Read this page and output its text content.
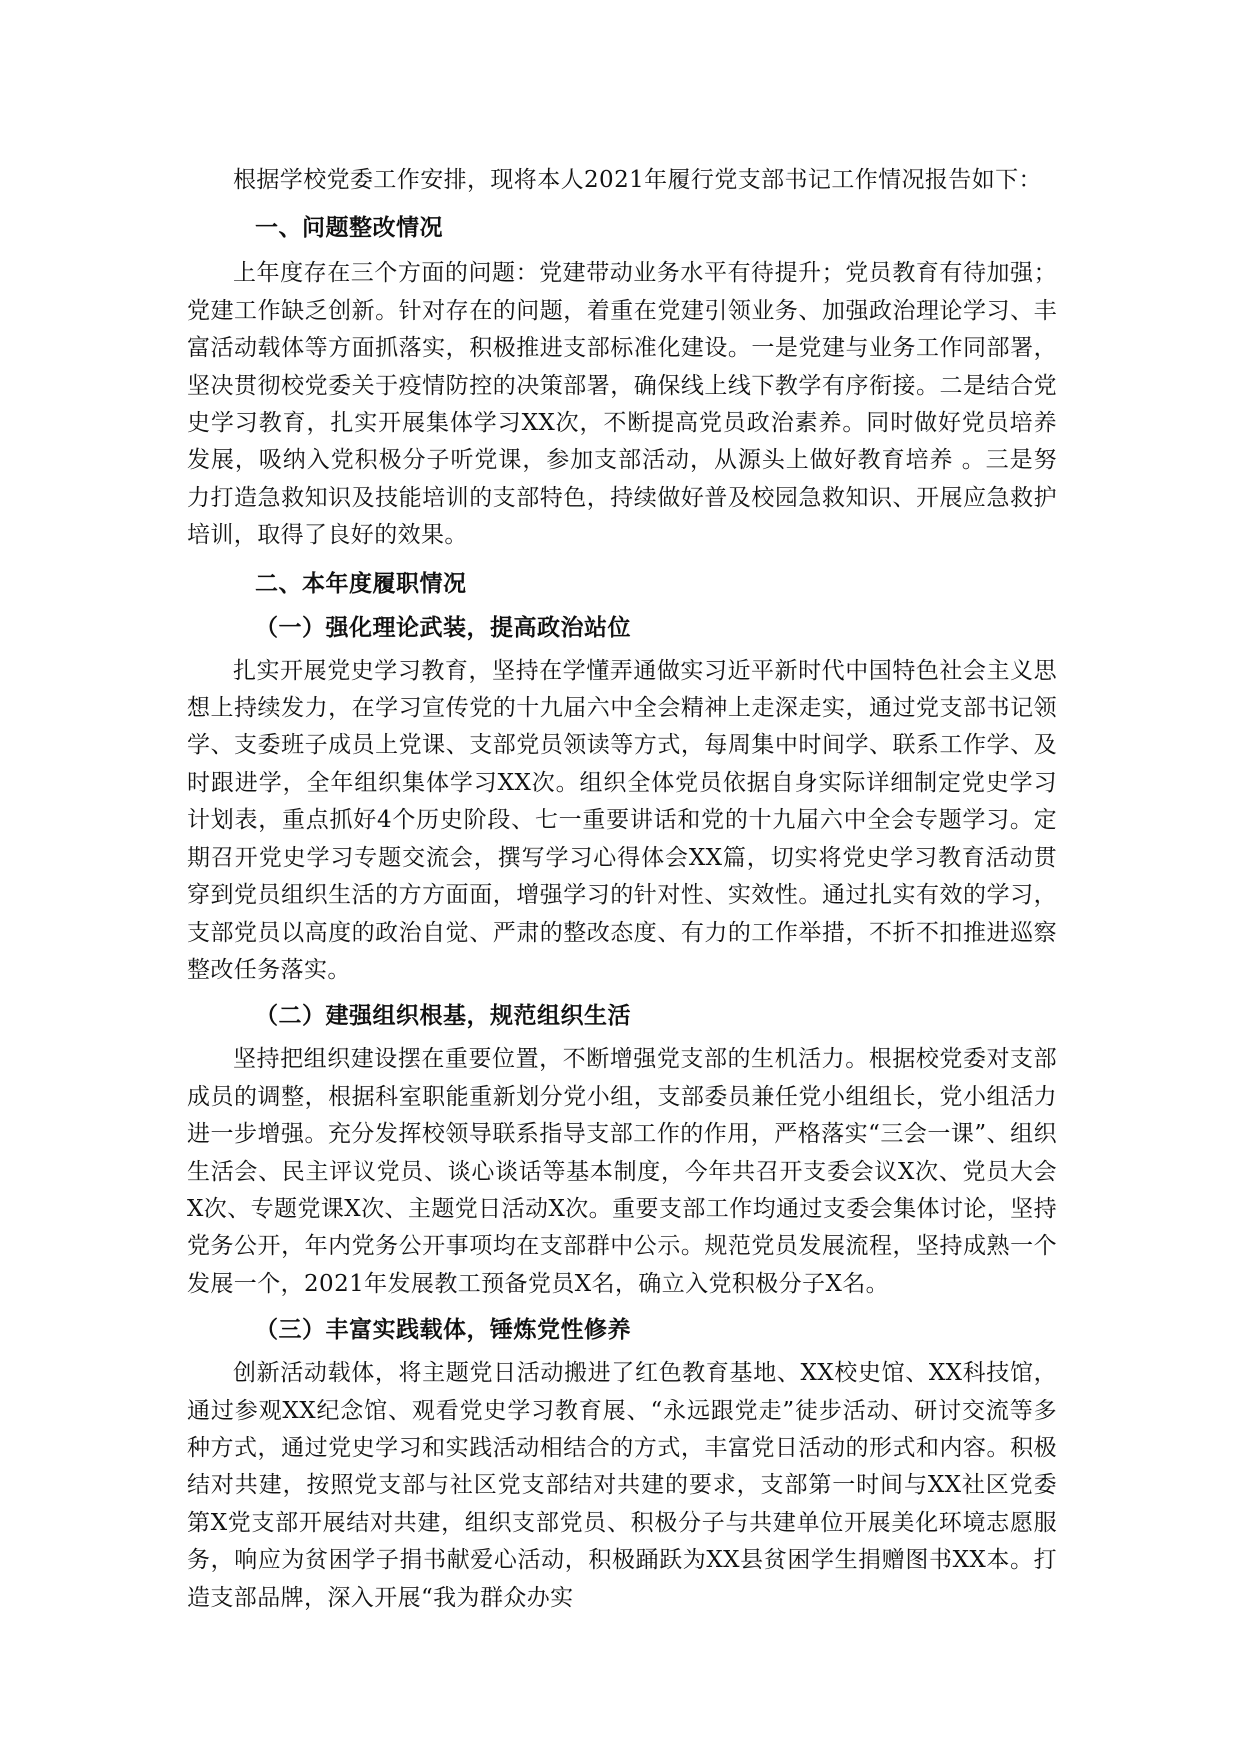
根据学校党委工作安排，现将本人2021年履行党支部书记工作情况报告如下：

一、问题整改情况

上年度存在三个方面的问题：党建带动业务水平有待提升；党员教育有待加强；党建工作缺乏创新。针对存在的问题，着重在党建引领业务、加强政治理论学习、丰富活动载体等方面抓落实，积极推进支部标准化建设。一是党建与业务工作同部署，坚决贯彻校党委关于疫情防控的决策部署，确保线上线下教学有序衔接。二是结合党史学习教育，扎实开展集体学习XX次，不断提高党员政治素养。同时做好党员培养发展，吸纳入党积极分子听党课，参加支部活动，从源头上做好教育培养 。三是努力打造急救知识及技能培训的支部特色，持续做好普及校园急救知识、开展应急救护培训，取得了良好的效果。

二、本年度履职情况
（一）强化理论武装，提高政治站位

扎实开展党史学习教育，坚持在学懂弄通做实习近平新时代中国特色社会主义思想上持续发力，在学习宣传党的十九届六中全会精神上走深走实，通过党支部书记领学、支委班子成员上党课、支部党员领读等方式，每周集中时间学、联系工作学、及时跟进学，全年组织集体学习XX次。组织全体党员依据自身实际详细制定党史学习计划表，重点抓好4个历史阶段、七一重要讲话和党的十九届六中全会专题学习。定期召开党史学习专题交流会，撰写学习心得体会XX篇，切实将党史学习教育活动贯穿到党员组织生活的方方面面，增强学习的针对性、实效性。通过扎实有效的学习，支部党员以高度的政治自觉、严肃的整改态度、有力的工作举措，不折不扣推进巡察整改任务落实。

（二）建强组织根基，规范组织生活

坚持把组织建设摆在重要位置，不断增强党支部的生机活力。根据校党委对支部成员的调整，根据科室职能重新划分党小组，支部委员兼任党小组组长，党小组活力进一步增强。充分发挥校领导联系指导支部工作的作用，严格落实“三会一课”、组织生活会、民主评议党员、谈心谈话等基本制度，今年共召开支委会议X次、党员大会X次、专题党课X次、主题党日活动X次。重要支部工作均通过支委会集体讨论，坚持党务公开，年内党务公开事项均在支部群中公示。规范党员发展流程，坚持成熟一个发展一个，2021年发展教工预备党员X名，确立入党积极分子X名。

（三）丰富实践载体，锤炼党性修养

创新活动载体，将主题党日活动搬进了红色教育基地、XX校史馆、XX科技馆，通过参观XX纪念馆、观看党史学习教育展、“永远跟党走”徒步活动、研讨交流等多种方式，通过党史学习和实践活动相结合的方式，丰富党日活动的形式和内容。积极结对共建，按照党支部与社区党支部结对共建的要求，支部第一时间与XX社区党委第X党支部开展结对共建，组织支部党员、积极分子与共建单位开展美化环境志愿服务，响应为贫困学子捐书献爱心活动，积极踊跃为XX县贫困学生捐赠图书XX本。打造支部品牌，深入开展“我为群众办实
